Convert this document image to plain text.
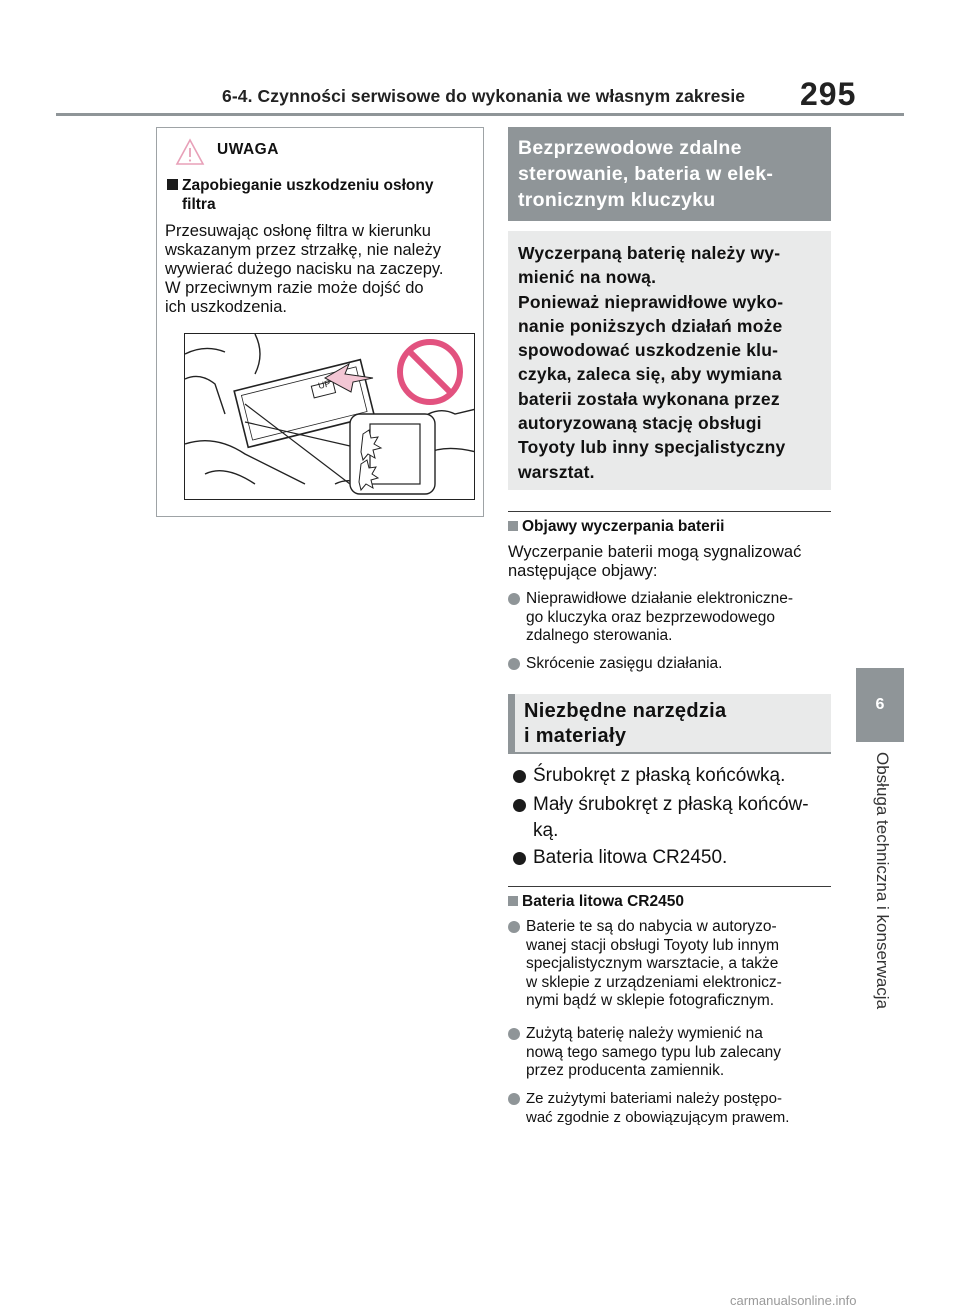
6-4. Czynności serwisowe do wykonania we własnym zakresie 295
6
Obsługa techniczna i konserwacja
UWAGA
Zapobieganie uszkodzeniu osłony
filtra
Przesuwając osłonę filtra w kierunku
wskazanym przez strzałkę, nie należy
wywierać dużego nacisku na zaczepy.
W przeciwnym razie może dojść do
ich uszkodzenia.
UP
Bezprzewodowe zdalne
sterowanie, bateria w elek-
tronicznym kluczyku
Wyczerpaną baterię należy wy-
mienić na nową.
Ponieważ nieprawidłowe wyko-
nanie poniższych działań może
spowodować uszkodzenie klu-
czyka, zaleca się, aby wymiana
baterii została wykonana przez
autoryzowaną stację obsługi
Toyoty lub inny specjalistyczny
warsztat.
Objawy wyczerpania baterii
Wyczerpanie baterii mogą sygnalizować
następujące objawy:
Nieprawidłowe działanie elektroniczne-
go kluczyka oraz bezprzewodowego
zdalnego sterowania.
Skrócenie zasięgu działania.
Niezbędne narzędzia
i materiały
Śrubokręt z płaską końcówką.
Mały śrubokręt z płaską końców-
ką.
Bateria litowa CR2450.
Bateria litowa CR2450
Baterie te są do nabycia w autoryzo-
wanej stacji obsługi Toyoty lub innym
specjalistycznym warsztacie, a także
w sklepie z urządzeniami elektronicz-
nymi bądź w sklepie fotograficznym.
Zużytą baterię należy wymienić na
nową tego samego typu lub zalecany
przez producenta zamiennik.
Ze zużytymi bateriami należy postępo-
wać zgodnie z obowiązującym prawem.
carmanualsonline.info
